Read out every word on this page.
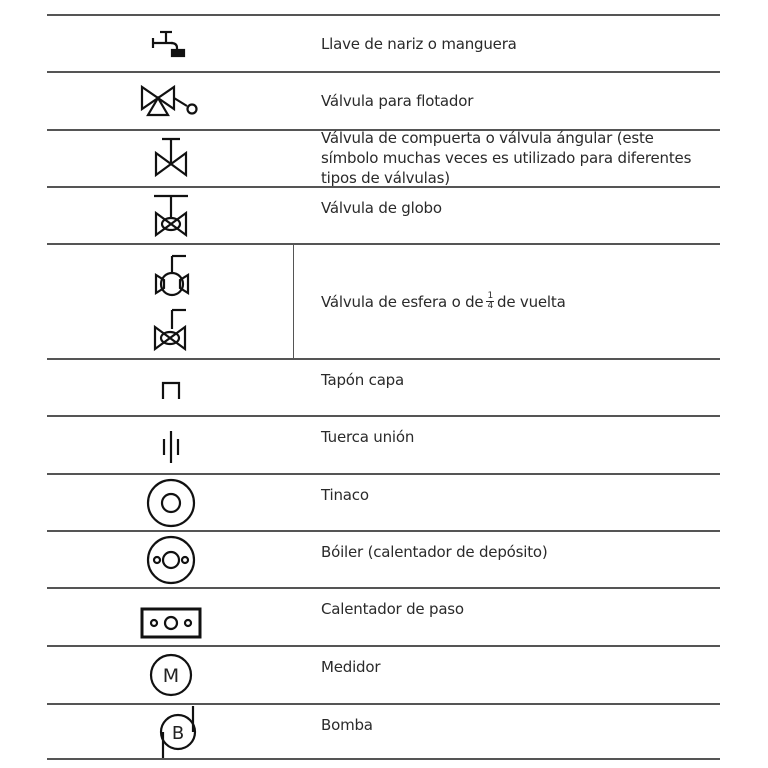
Llave de nariz o manguera
Válvula para flotador
Válvula de compuerta o válvula ángular (este símbolo muchas veces es utilizado para diferentes tipos de válvulas)
Válvula de globo
Válvula de esfera o de $\frac{1}{4}$ de vuelta
Tapón capa
Tuerca unión
Tinaco
Bóiler (calentador de depósito)
Calentador de paso
M	Medidor
B	Bomba
